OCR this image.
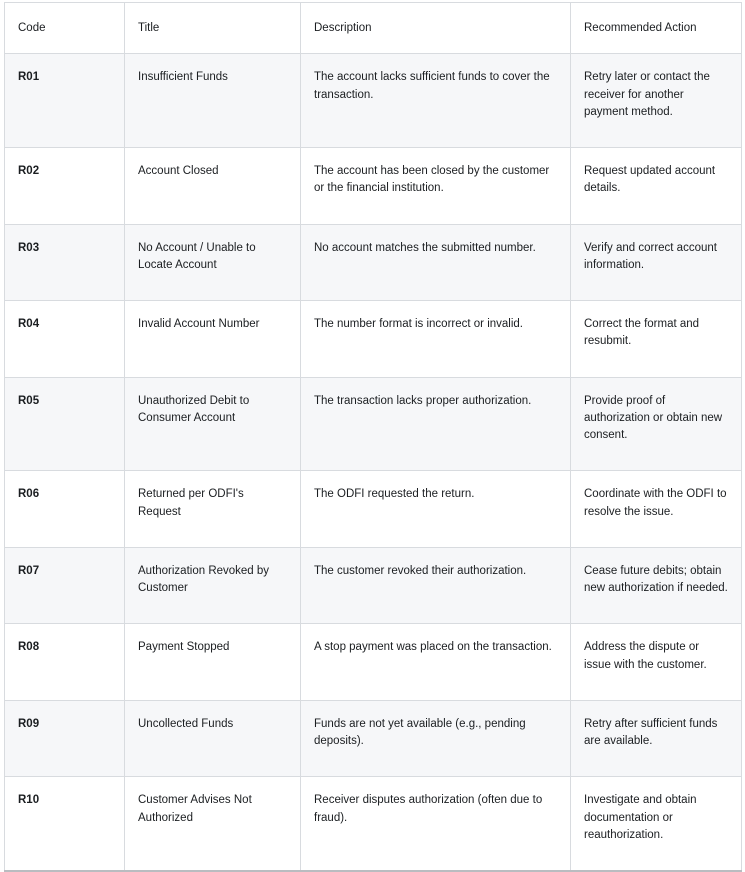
Code	Title	Description	Recommended Action
R01	Insufficient Funds	The account lacks sufficient funds to cover the transaction.	Retry later or contact the receiver for another payment method.
R02	Account Closed	The account has been closed by the customer or the financial institution.	Request updated account details.
R03	No Account / Unable to Locate Account	No account matches the submitted number.	Verify and correct account information.
R04	Invalid Account Number	The number format is incorrect or invalid.	Correct the format and resubmit.
R05	Unauthorized Debit to Consumer Account	The transaction lacks proper authorization.	Provide proof of authorization or obtain new consent.
R06	Returned per ODFI's Request	The ODFI requested the return.	Coordinate with the ODFI to resolve the issue.
R07	Authorization Revoked by Customer	The customer revoked their authorization.	Cease future debits; obtain new authorization if needed.
R08	Payment Stopped	A stop payment was placed on the transaction.	Address the dispute or issue with the customer.
R09	Uncollected Funds	Funds are not yet available (e.g., pending deposits).	Retry after sufficient funds are available.
R10	Customer Advises Not Authorized	Receiver disputes authorization (often due to fraud).	Investigate and obtain documentation or reauthorization.
